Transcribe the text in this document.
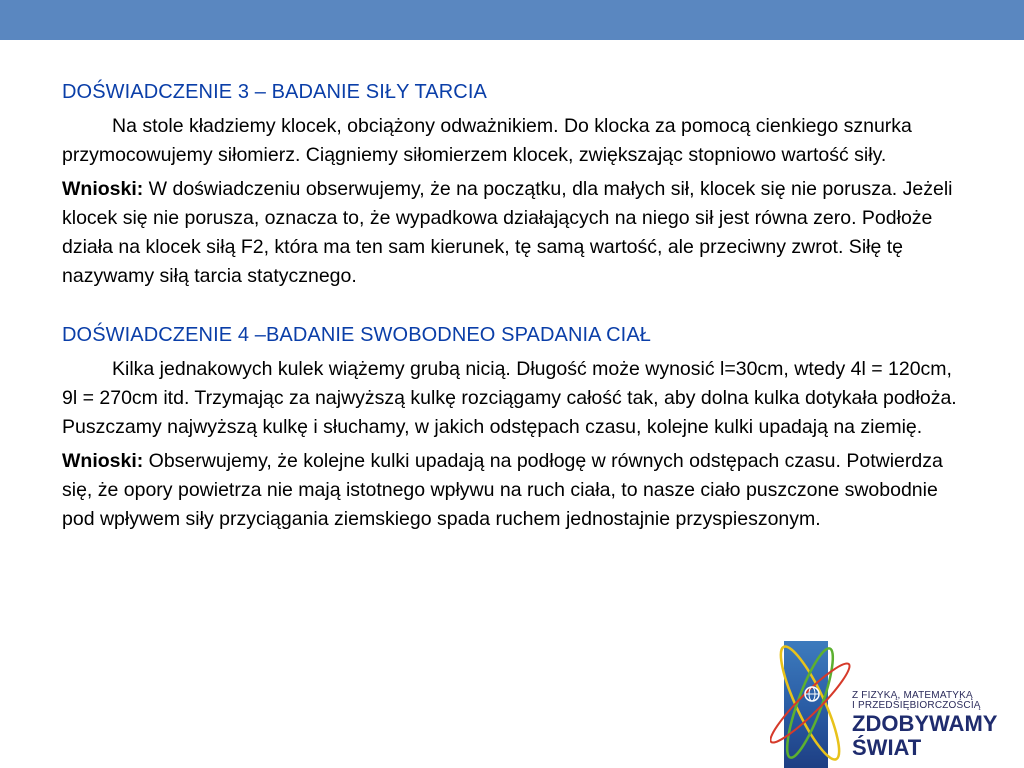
DOŚWIADCZENIE 3 – BADANIE SIŁY TARCIA

Na stole kładziemy klocek, obciążony odważnikiem. Do klocka za pomocą cienkiego sznurka przymocowujemy siłomierz. Ciągniemy siłomierzem klocek, zwiększając stopniowo wartość siły.

Wnioski: W doświadczeniu obserwujemy, że na początku, dla małych sił, klocek się nie porusza. Jeżeli klocek się nie porusza, oznacza to, że wypadkowa działających na niego sił jest równa zero. Podłoże działa na klocek siłą F2, która ma ten sam kierunek, tę samą wartość, ale przeciwny zwrot. Siłę tę nazywamy siłą tarcia statycznego.

DOŚWIADCZENIE 4 –BADANIE SWOBODNEO SPADANIA CIAŁ

Kilka jednakowych kulek wiążemy grubą nicią. Długość może wynosić l=30cm, wtedy 4l = 120cm, 9l = 270cm itd. Trzymając za najwyższą kulkę rozciągamy całość tak, aby dolna kulka dotykała podłoża. Puszczamy najwyższą kulkę i słuchamy, w jakich odstępach czasu, kolejne kulki upadają na ziemię.

Wnioski: Obserwujemy, że kolejne kulki upadają na podłogę w równych odstępach czasu. Potwierdza się, że opory powietrza nie mają istotnego wpływu na ruch ciała, to nasze ciało puszczone swobodnie pod wpływem siły przyciągania ziemskiego spada ruchem jednostajnie przyspieszonym.

Z FIZYKĄ, MATEMATYKĄ
I PRZEDSIĘBIORCZOŚCIĄ
ZDOBYWAMY
ŚWIAT
